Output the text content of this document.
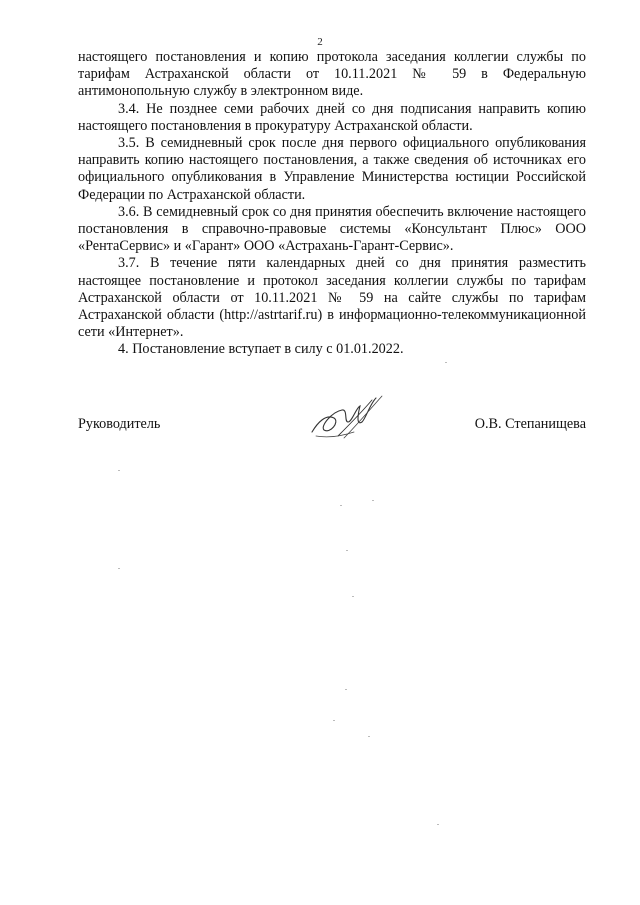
2

настоящего постановления и копию протокола заседания коллегии службы по тарифам Астраханской области от 10.11.2021 № 59 в Федеральную антимонопольную службу в электронном виде.

3.4. Не позднее семи рабочих дней со дня подписания направить копию настоящего постановления в прокуратуру Астраханской области.

3.5. В семидневный срок после дня первого официального опубликования направить копию настоящего постановления, а также сведения об источниках его официального опубликования в Управление Министерства юстиции Российской Федерации по Астраханской области.

3.6. В семидневный срок со дня принятия обеспечить включение настоящего постановления в справочно-правовые системы «Консультант Плюс» ООО «РентаСервис» и «Гарант» ООО «Астрахань-Гарант-Сервис».

3.7. В течение пяти календарных дней со дня принятия разместить настоящее постановление и протокол заседания коллегии службы по тарифам Астраханской области от 10.11.2021 № 59 на сайте службы по тарифам Астраханской области (http://astrtarif.ru) в информационно-телекоммуникационной сети «Интернет».

4. Постановление вступает в силу с 01.01.2022.

Руководитель	О.В. Степанищева
